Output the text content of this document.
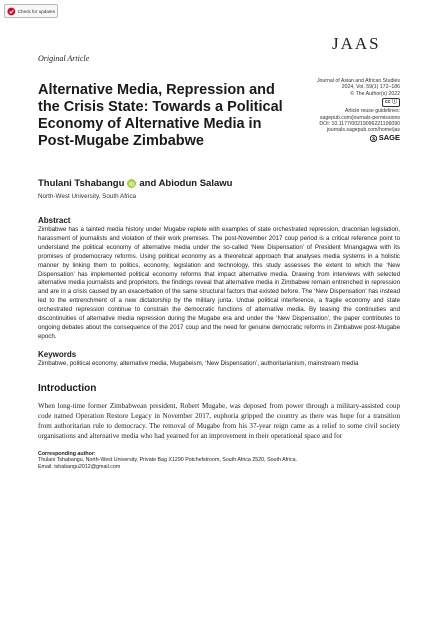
Check for updates
Original Article
JAAS
Alternative Media, Repression and the Crisis State: Towards a Political Economy of Alternative Media in Post-Mugabe Zimbabwe
Journal of Asian and African Studies
2024, Vol. 59(1) 172–186
© The Author(s) 2022
cc ⓘ
Article reuse guidelines:
sagepub.com/journals-permissions
DOI: 10.1177/00219096221106090
journals.sagepub.com/home/jas
SAGE
Thulani Tshabangu and Abiodun Salawu
North-West University, South Africa
Abstract
Zimbabwe has a tainted media history under Mugabe replete with examples of state orchestrated repression, draconian legislation, harassment of journalists and violation of their work premises. The post-November 2017 coup period is a critical reference point to understand the political economy of alternative media under the so-called ‘New Dispensation’ of President Mnangagwa with its promises of prodemocracy reforms. Using political economy as a theoretical approach that analyses media systems in a holistic manner by linking them to politics, economy, legislation and technology, this study assesses the extent to which the ‘New Dispensation’ has implemented political economy reforms that impact alternative media. Drawing from interviews with selected alternative media journalists and proprietors, the findings reveal that alternative media in Zimbabwe remain entrenched in repression and are in a crisis caused by an exacerbation of the same structural factors that existed before. The ‘New Dispensation’ has instead led to the entrenchment of a new dictatorship by the military junta. Undue political interference, a fragile economy and state orchestrated repression continue to constrain the democratic functions of alternative media. By teasing the continuities and discontinuities of alternative media repression during the Mugabe era and under the ‘New Dispensation’, the paper contributes to ongoing debates about the consequence of the 2017 coup and the need for genuine democratic reforms in Zimbabwe post-Mugabe epoch.
Keywords
Zimbabwe, political economy, alternative media, Mugabeism, ‘New Dispensation’, authoritarianism, mainstream media
Introduction
When long-time former Zimbabwean president, Robert Mugabe, was deposed from power through a military-assisted coup code named Operation Restore Legacy in November 2017, euphoria gripped the country as there was hope for a transition from authoritarian rule to democracy. The removal of Mugabe from his 37-year reign came as a relief to some civil society organisations and alternative media who had yearned for an improvement in their operational space and for
Corresponding author:
Thulani Tshabangu, North-West University, Private Bag X1290 Potchefstroom, South Africa 2520, South Africa.
Email: tshabangu2012@gmail.com
